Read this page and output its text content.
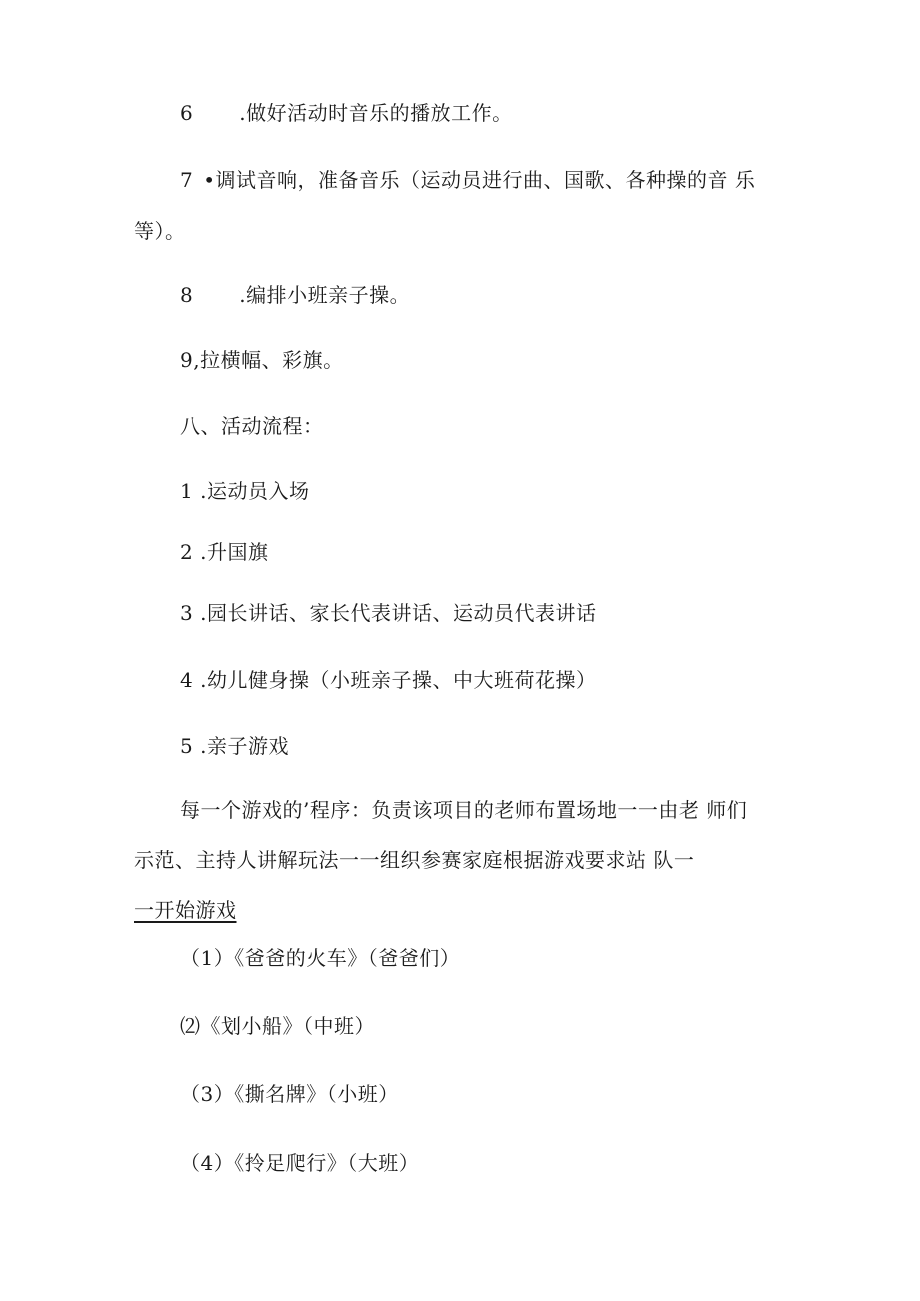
6 .做好活动时音乐的播放工作。
7 •调试音响，准备音乐（运动员进行曲、国歌、各种操的音 乐
等）。
8 .编排小班亲子操。
9,拉横幅、彩旗。
八、活动流程：
1 .运动员入场
2 .升国旗
3 .园长讲话、家长代表讲话、运动员代表讲话
4 .幼儿健身操（小班亲子操、中大班荷花操）
5 .亲子游戏
每一个游戏的’程序：负责该项目的老师布置场地一一由老 师们
示范、主持人讲解玩法一一组织参赛家庭根据游戏要求站 队一
一开始游戏
（1）《爸爸的火车》（爸爸们）
⑵《划小船》（中班）
（3）《撕名牌》（小班）
（4）《拎足爬行》（大班）
